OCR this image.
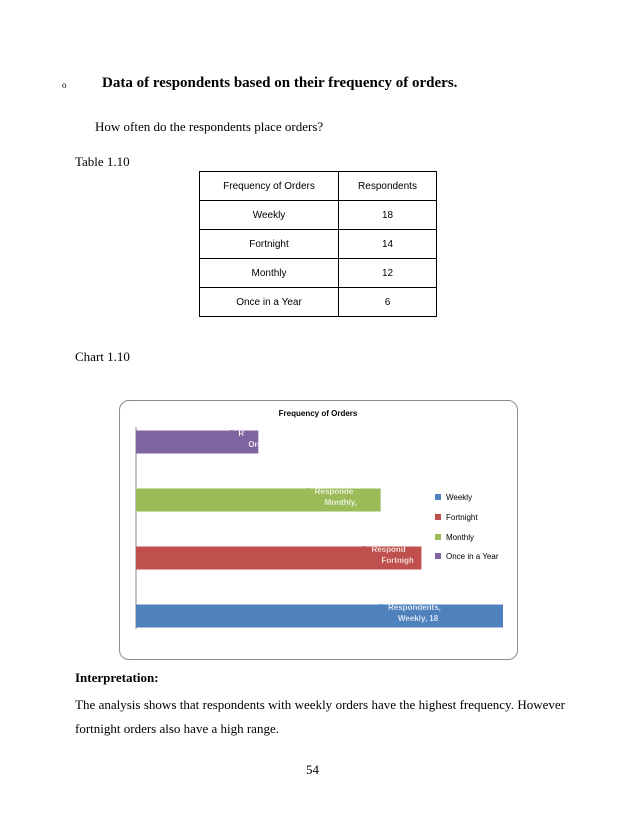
o Data of respondents based on their frequency of orders.
How often do the respondents place orders?
Table 1.10
Frequency of Orders	Respondents
Weekly	18
Fortnight	14
Monthly	12
Once in a Year	6
Chart 1.10
Frequency of Orders
Respondents,
Weekly, 18
Respond
Fortnigh
Responde
Monthly,
R
On
Weekly
Fortnight
Monthly
Once in a Year
Interpretation:
The analysis shows that respondents with weekly orders have the highest frequency. However fortnight orders also have a high range.
54
